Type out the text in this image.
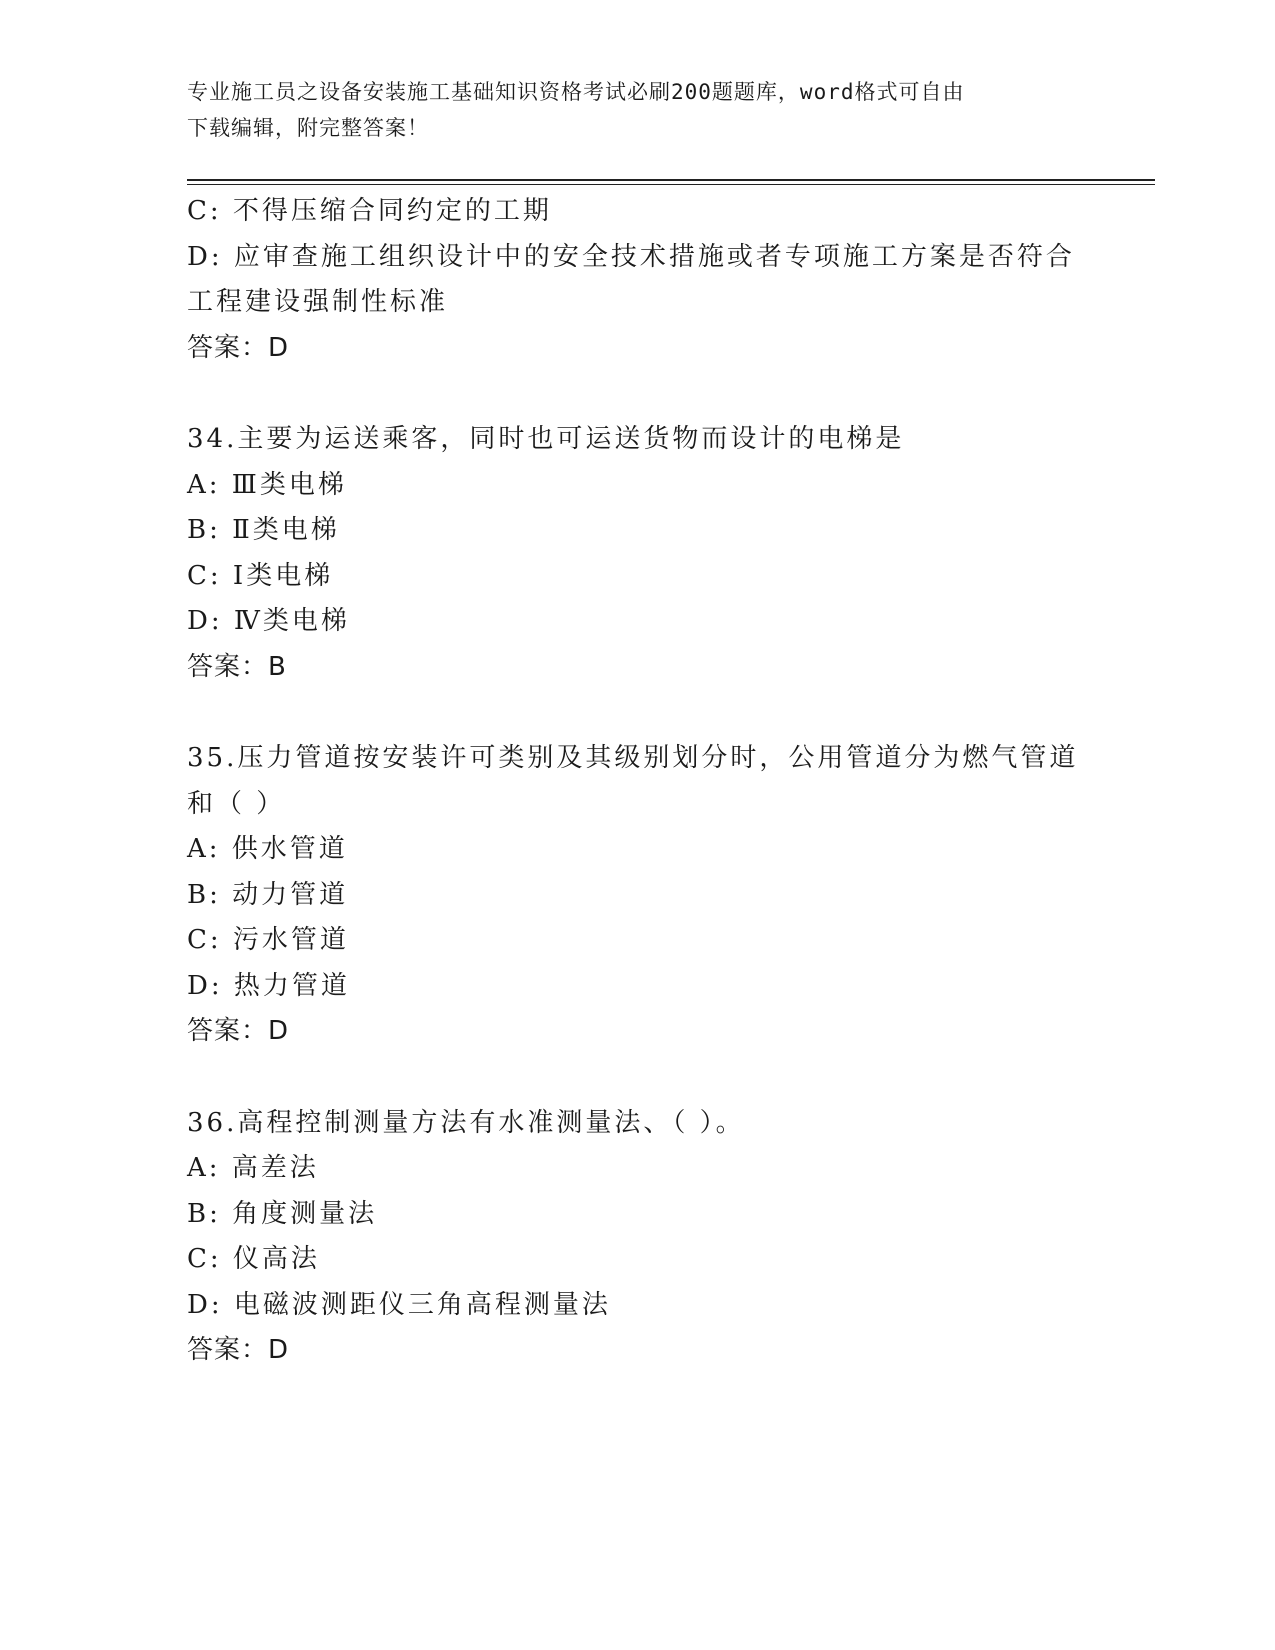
专业施工员之设备安装施工基础知识资格考试必刷200题题库，word格式可自由
下载编辑，附完整答案！
C: 不得压缩合同约定的工期
D: 应审查施工组织设计中的安全技术措施或者专项施工方案是否符合
工程建设强制性标准
答案：D
34.主要为运送乘客，同时也可运送货物而设计的电梯是
A: Ⅲ类电梯
B: Ⅱ类电梯
C: Ⅰ类电梯
D: Ⅳ类电梯
答案：B
35.压力管道按安装许可类别及其级别划分时，公用管道分为燃气管道
和（ ）
A: 供水管道
B: 动力管道
C: 污水管道
D: 热力管道
答案：D
36.高程控制测量方法有水准测量法、（ ）。
A: 高差法
B: 角度测量法
C: 仪高法
D: 电磁波测距仪三角高程测量法
答案：D
